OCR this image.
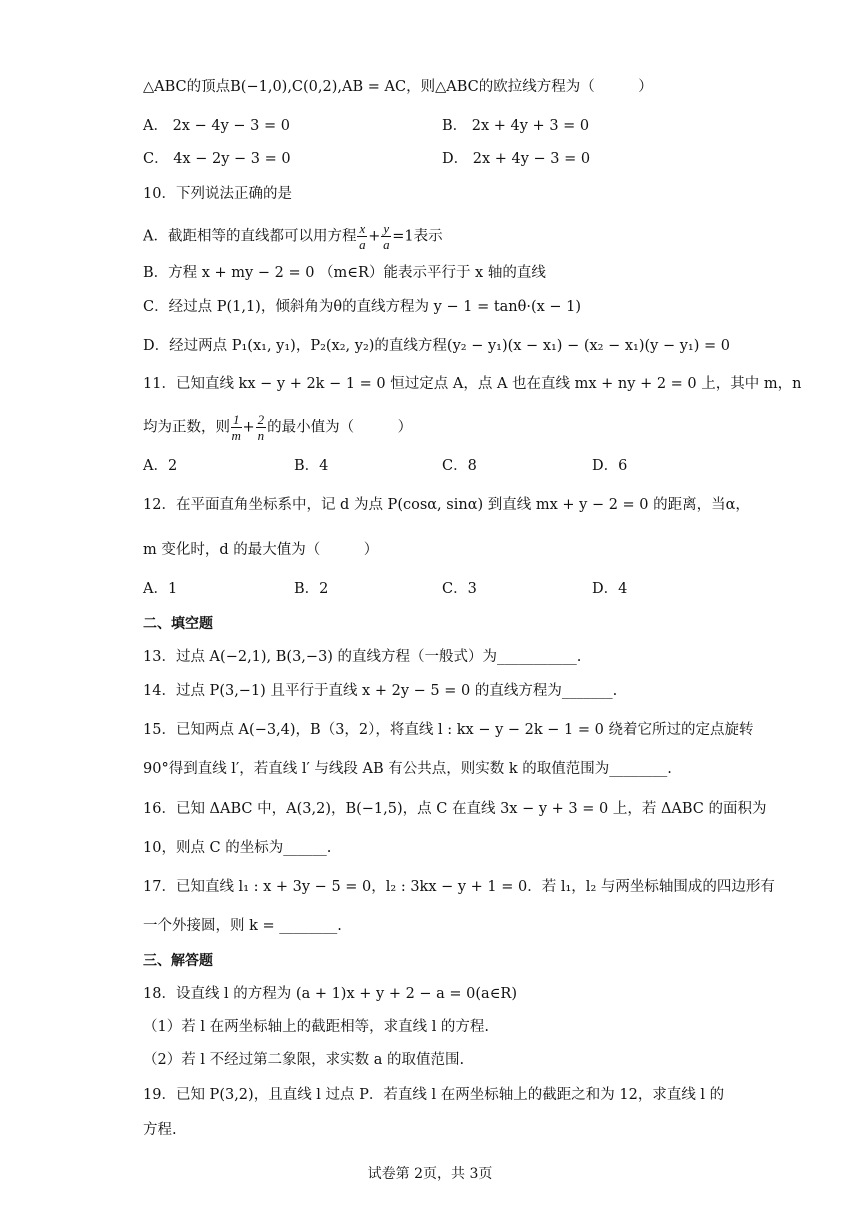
△ABC的顶点B(−1,0),C(0,2),AB = AC，则△ABC的欧拉线方程为（　　　）
A． 2x − 4y − 3 = 0	B． 2x + 4y + 3 = 0
C． 4x − 2y − 3 = 0	D． 2x + 4y − 3 = 0
10．下列说法正确的是
A．截距相等的直线都可以用方程 $\frac{x}{a} + \frac{y}{a} =1$表示
B．方程 x + my − 2 = 0 （m∈R）能表示平行于 x 轴的直线
C．经过点 P(1,1)，倾斜角为θ的直线方程为 y − 1 = tanθ·(x − 1)
D．经过两点 P₁(x₁, y₁)，P₂(x₂, y₂)的直线方程(y₂ − y₁)(x − x₁) − (x₂ − x₁)(y − y₁) = 0
11．已知直线 kx − y + 2k − 1 = 0 恒过定点 A，点 A 也在直线 mx + ny + 2 = 0 上，其中 m，n
均为正数，则 $\frac{1}{m} + \frac{2}{n}$ 的最小值为（　　　）
A．2	B．4	C．8	D．6
12．在平面直角坐标系中，记 d 为点 P(cosα, sinα) 到直线 mx + y − 2 = 0 的距离，当α，
m 变化时，d 的最大值为（　　　）
A．1	B．2	C．3	D．4
二、填空题
13．过点 A(−2,1), B(3,−3) 的直线方程（一般式）为___________.
14．过点 P(3,−1) 且平行于直线 x + 2y − 5 = 0 的直线方程为_______.
15．已知两点 A(−3,4)，B（3，2），将直线 l : kx − y − 2k − 1 = 0 绕着它所过的定点旋转
90°得到直线 l′，若直线 l′ 与线段 AB 有公共点，则实数 k 的取值范围为________.
16．已知 ΔABC 中，A(3,2)，B(−1,5)，点 C 在直线 3x − y + 3 = 0 上，若 ΔABC 的面积为
10，则点 C 的坐标为______.
17．已知直线 l₁ : x + 3y − 5 = 0，l₂ : 3kx − y + 1 = 0．若 l₁，l₂ 与两坐标轴围成的四边形有
一个外接圆，则 k = ________.
三、解答题
18．设直线 l 的方程为 (a + 1)x + y + 2 − a = 0(a∈R)
（1）若 l 在两坐标轴上的截距相等，求直线 l 的方程.
（2）若 l 不经过第二象限，求实数 a 的取值范围.
19．已知 P(3,2)，且直线 l 过点 P．若直线 l 在两坐标轴上的截距之和为 12，求直线 l 的
方程.
试卷第 2页，共 3页
